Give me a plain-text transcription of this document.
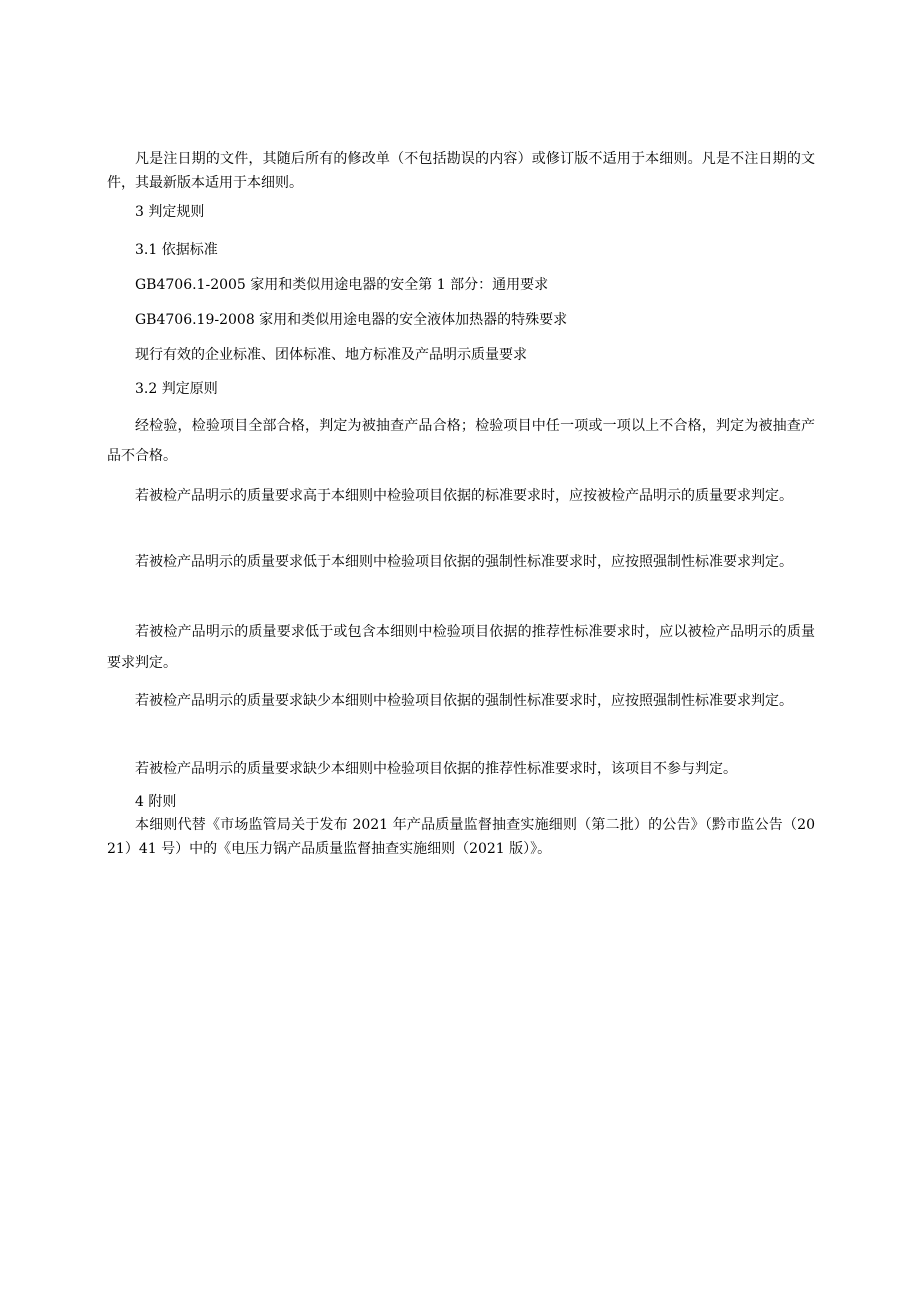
凡是注日期的文件，其随后所有的修改单（不包括勘误的内容）或修订版不适用于本细则。凡是不注日期的文件，其最新版本适用于本细则。

3 判定规则

3.1 依据标准

GB4706.1-2005 家用和类似用途电器的安全第 1 部分：通用要求

GB4706.19-2008 家用和类似用途电器的安全液体加热器的特殊要求

现行有效的企业标准、团体标准、地方标准及产品明示质量要求

3.2 判定原则

经检验，检验项目全部合格，判定为被抽查产品合格；检验项目中任一项或一项以上不合格，判定为被抽查产品不合格。

若被检产品明示的质量要求高于本细则中检验项目依据的标准要求时，应按被检产品明示的质量要求判定。

若被检产品明示的质量要求低于本细则中检验项目依据的强制性标准要求时，应按照强制性标准要求判定。

若被检产品明示的质量要求低于或包含本细则中检验项目依据的推荐性标准要求时，应以被检产品明示的质量要求判定。

若被检产品明示的质量要求缺少本细则中检验项目依据的强制性标准要求时，应按照强制性标准要求判定。

若被检产品明示的质量要求缺少本细则中检验项目依据的推荐性标准要求时，该项目不参与判定。

4 附则

本细则代替《市场监管局关于发布 2021 年产品质量监督抽查实施细则（第二批）的公告》（黔市监公告（2021）41 号）中的《电压力锅产品质量监督抽查实施细则（2021 版）》。
